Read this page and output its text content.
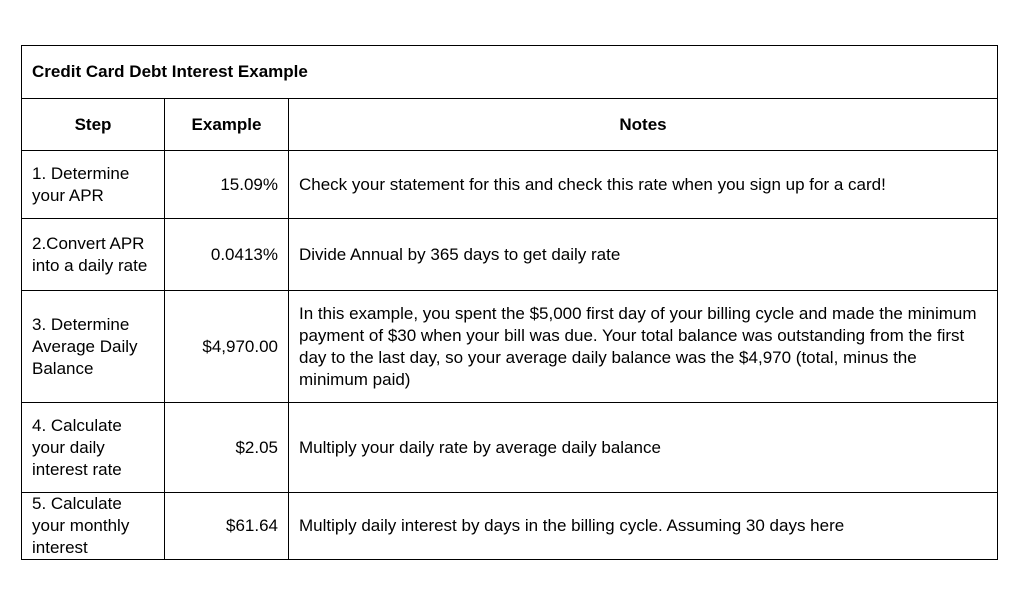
Credit Card Debt Interest Example		
Step	Example	Notes
1. Determine your APR	15.09%	Check your statement for this and check this rate when you sign up for a card!
2.Convert APR into a daily rate	0.0413%	Divide Annual by 365 days to get daily rate
3. Determine Average Daily Balance	$4,970.00	In this example, you spent the $5,000 first day of your billing cycle and made the minimum payment of $30 when your bill was due. Your total balance was outstanding from the first day to the last day, so your average daily balance was the $4,970 (total, minus the minimum paid)
4. Calculate your daily interest rate	$2.05	Multiply your daily rate by average daily balance
5. Calculate your monthly interest	$61.64	Multiply daily interest by days in the billing cycle. Assuming 30 days here
